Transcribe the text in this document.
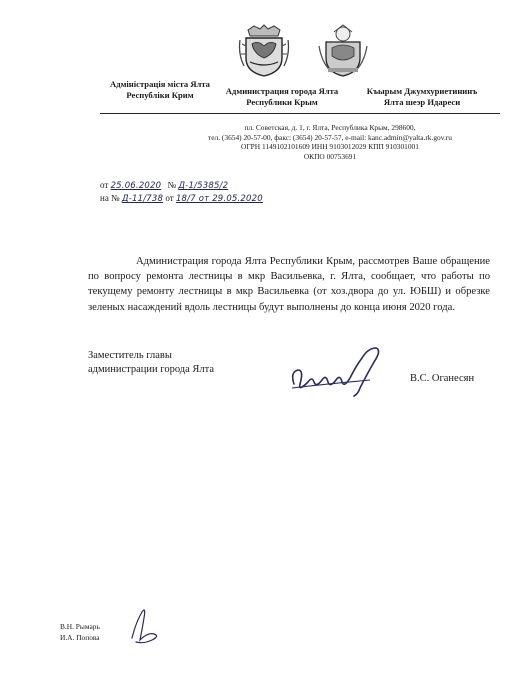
Адміністрація міста Ялта
Республіки Крим	Администрация города Ялта
Республики Крым
Къырым Джумхуриетининъ
Ялта шеэр Идареси
пл. Советская, д. 1, г. Ялта, Республика Крым, 298600,
тел. (3654) 20-57-00, факс: (3654) 20-57-57, e-mail: kanc.admin@yalta.rk.gov.ru
ОГРН 1149102101609 ИНН 9103012029 КПП 910301001
ОКПО 00753691
от 25.06.2020 № Д-1/5385/2
на № Д-11/738 от 18/7 от 29.05.2020

Администрация города Ялта Республики Крым, рассмотрев Ваше обращение по вопросу ремонта лестницы в мкр Васильевка, г. Ялта, сообщает, что работы по текущему ремонту лестницы в мкр Васильевка (от хоз.двора до ул. ЮБШ) и обрезке зеленых насаждений вдоль лестницы будут выполнены до конца июня 2020 года.

Заместитель главы
администрации города Ялта
В.С. Оганесян
В.Н. Рымарь
И.А. Попова
